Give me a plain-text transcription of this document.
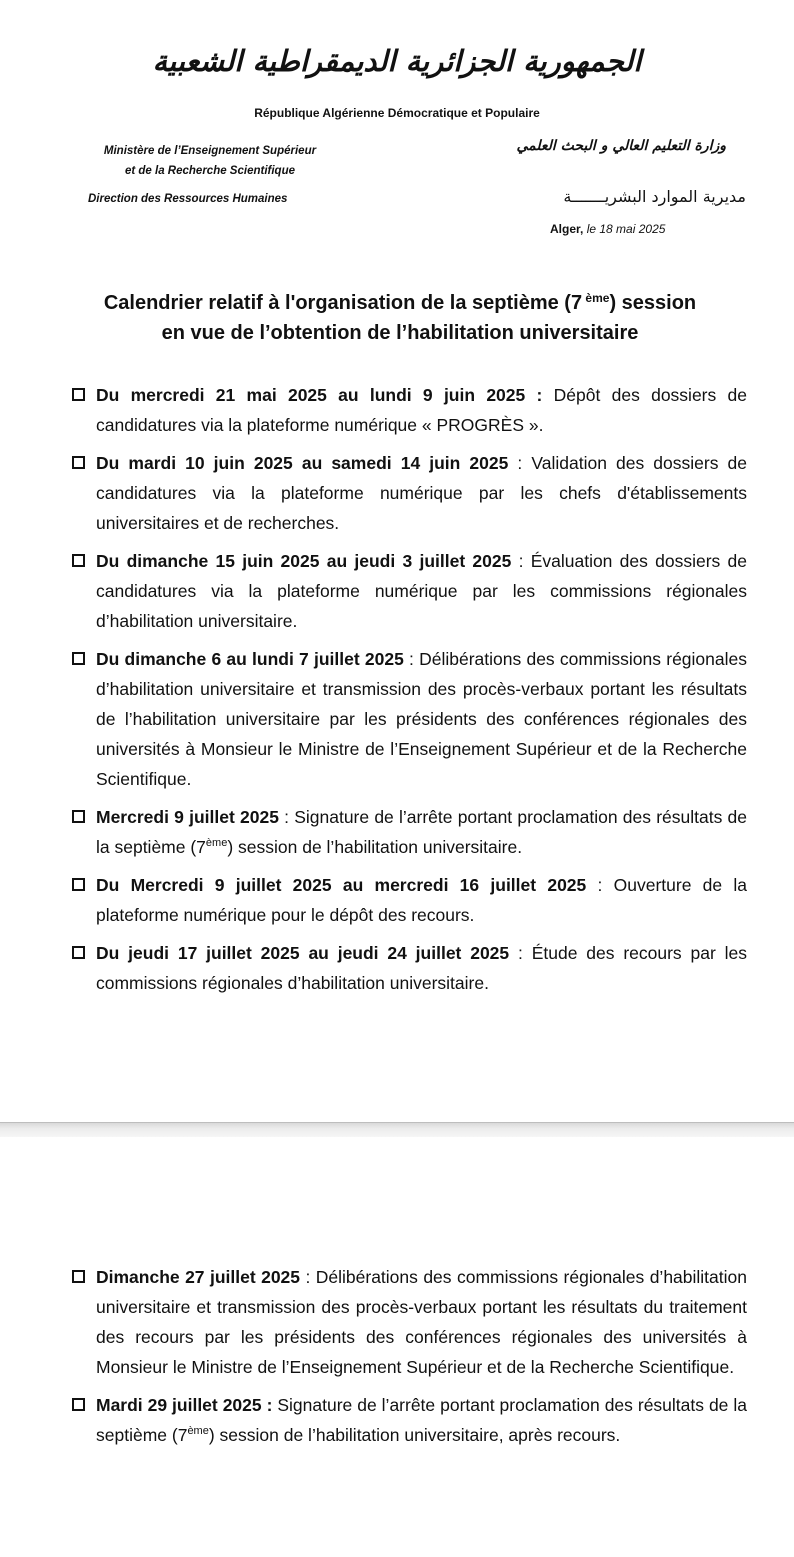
الجمهورية الجزائرية الديمقراطية الشعبية
République Algérienne Démocratique et Populaire
Ministère de l’Enseignement Supérieur
et de la Recherche Scientifique
Direction des Ressources Humaines
وزارة التعليم العالي و البحث العلمي
مديرية الموارد البشريـــــــة
Alger, le 18 mai 2025
Calendrier relatif à l'organisation de la septième (7 $^{ème}$) session
en vue de l’obtention de l’habilitation universitaire
Du mercredi 21 mai 2025 au lundi 9 juin 2025 : Dépôt des dossiers de candidatures via la plateforme numérique « PROGRÈS ».
Du mardi 10 juin 2025 au samedi 14 juin 2025 : Validation des dossiers de candidatures via la plateforme numérique par les chefs d'établissements universitaires et de recherches.
Du dimanche 15 juin 2025 au jeudi 3 juillet 2025 : Évaluation des dossiers de candidatures via la plateforme numérique par les commissions régionales d’habilitation universitaire.
Du dimanche 6 au lundi 7 juillet 2025 : Délibérations des commissions régionales d’habilitation universitaire et transmission des procès-verbaux portant les résultats de l’habilitation universitaire par les présidents des conférences régionales des universités à Monsieur le Ministre de l’Enseignement Supérieur et de la Recherche Scientifique.
Mercredi 9 juillet 2025 : Signature de l’arrête portant proclamation des résultats de la septième (7ème) session de l’habilitation universitaire.
Du Mercredi 9 juillet 2025 au mercredi 16 juillet 2025 : Ouverture de la plateforme numérique pour le dépôt des recours.
Du jeudi 17 juillet 2025 au jeudi 24 juillet 2025 : Étude des recours par les commissions régionales d’habilitation universitaire.
Dimanche 27 juillet 2025 : Délibérations des commissions régionales d’habilitation universitaire et transmission des procès-verbaux portant les résultats du traitement des recours par les présidents des conférences régionales des universités à Monsieur le Ministre de l’Enseignement Supérieur et de la Recherche Scientifique.
Mardi 29 juillet 2025 : Signature de l’arrête portant proclamation des résultats de la septième (7ème) session de l’habilitation universitaire, après recours.
